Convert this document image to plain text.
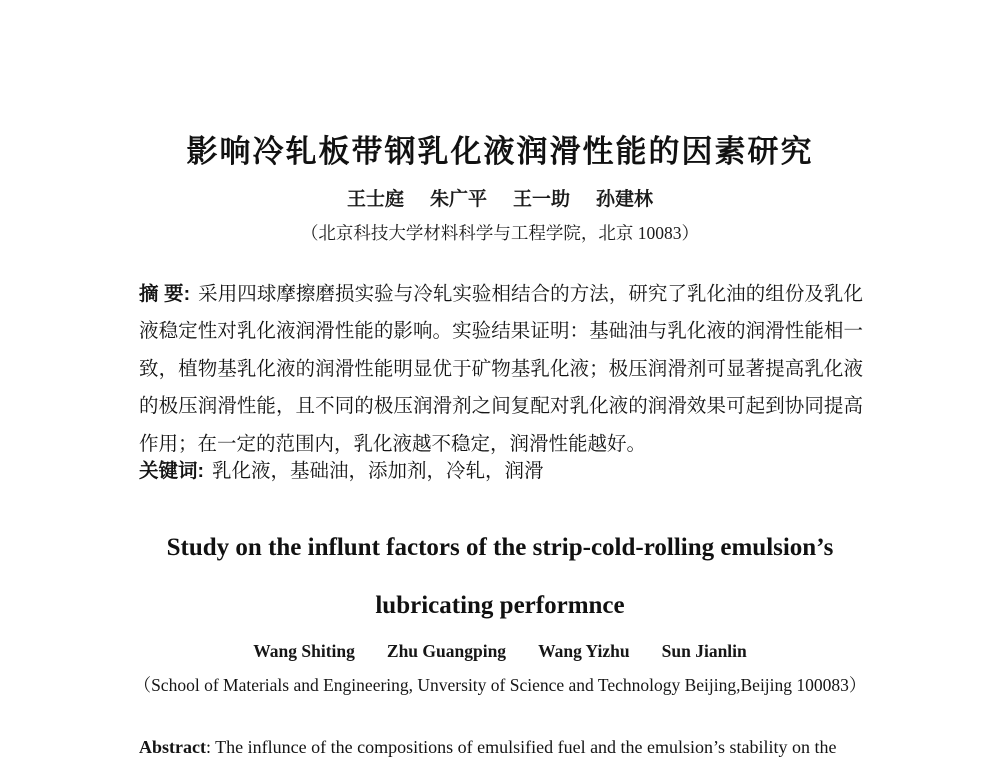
影响冷轧板带钢乳化液润滑性能的因素研究
王士庭 朱广平 王一助 孙建林
（北京科技大学材料科学与工程学院，北京 10083）

摘 要: 采用四球摩擦磨损实验与冷轧实验相结合的方法，研究了乳化油的组份及乳化液稳定性对乳化液润滑性能的影响。实验结果证明：基础油与乳化液的润滑性能相一致，植物基乳化液的润滑性能明显优于矿物基乳化液；极压润滑剂可显著提高乳化液的极压润滑性能，且不同的极压润滑剂之间复配对乳化液的润滑效果可起到协同提高作用；在一定的范围内，乳化液越不稳定，润滑性能越好。

关键词: 乳化液，基础油，添加剂，冷轧，润滑

Study on the influnt factors of the strip-cold-rolling emulsion’s
lubricating performnce
Wang Shiting Zhu Guangping Wang Yizhu Sun Jianlin
（School of Materials and Engineering, Unversity of Science and Technology Beijing,Beijing 100083）

Abstract: The influnce of the compositions of emulsified fuel and the emulsion’s stability on the
